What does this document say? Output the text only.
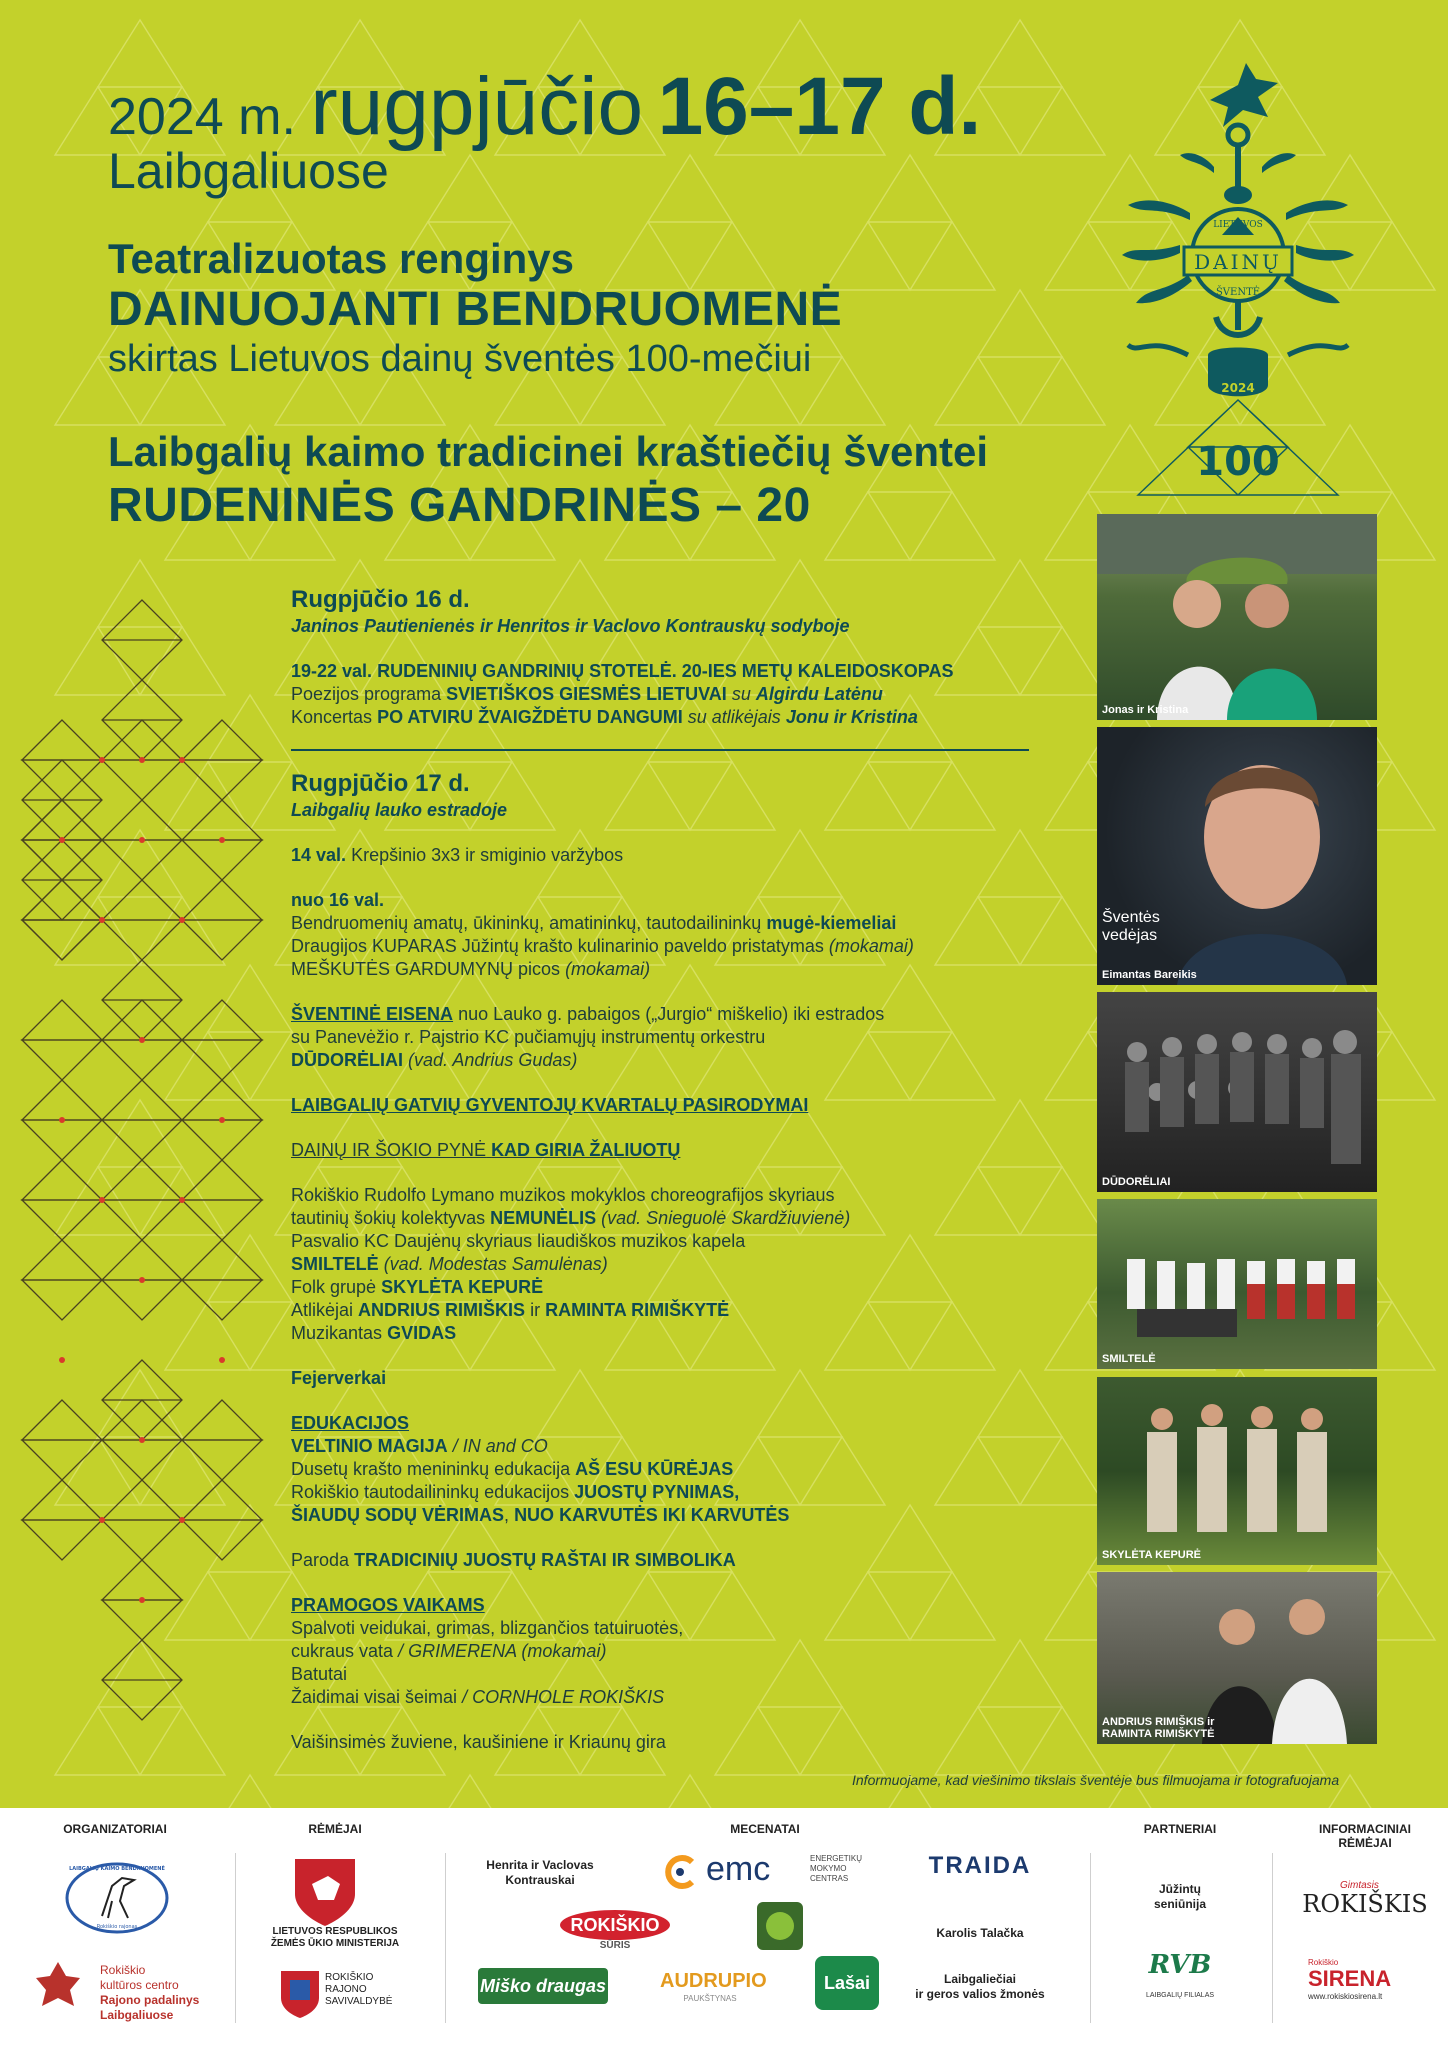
2024 m. rugpjūčio 16–17 d.
Laibgaliuose
Teatralizuotas renginys
DAINUOJANTI BENDRUOMENĖ
skirtas Lietuvos dainų šventės 100-mečiui
Laibgalių kaimo tradicinei kraštiečių šventei
RUDENINĖS GANDRINĖS – 20
LIETUVOS
DAINŲ
ŠVENTĖ
2024
100
Rugpjūčio 16 d.
Janinos Pautienienės ir Henritos ir Vaclovo Kontrauskų sodyboje
19-22 val. RUDENINIŲ GANDRINIŲ STOTELĖ. 20-IES METŲ KALEIDOSKOPAS
Poezijos programa SVIETIŠKOS GIESMĖS LIETUVAI su Algirdu Latėnu
Koncertas PO ATVIRU ŽVAIGŽDĖTU DANGUMI su atlikėjais Jonu ir Kristina
Rugpjūčio 17 d.
Laibgalių lauko estradoje
14 val. Krepšinio 3x3 ir smiginio varžybos
nuo 16 val.
Bendruomenių amatų, ūkininkų, amatininkų, tautodailininkų mugė-kiemeliai
Draugijos KUPARAS Jūžintų krašto kulinarinio paveldo pristatymas (mokamai)
MEŠKUTĖS GARDUMYNŲ picos (mokamai)
ŠVENTINĖ EISENA nuo Lauko g. pabaigos („Jurgio“ miškelio) iki estrados
su Panevėžio r. Pajstrio KC pučiamųjų instrumentų orkestru
DŪDORĖLIAI (vad. Andrius Gudas)
LAIBGALIŲ GATVIŲ GYVENTOJŲ KVARTALŲ PASIRODYMAI
DAINŲ IR ŠOKIO PYNĖ KAD GIRIA ŽALIUOTŲ
Rokiškio Rudolfo Lymano muzikos mokyklos choreografijos skyriaus
tautinių šokių kolektyvas NEMUNĖLIS (vad. Snieguolė Skardžiuvienė)
Pasvalio KC Daujėnų skyriaus liaudiškos muzikos kapela
SMILTELĖ (vad. Modestas Samulėnas)
Folk grupė SKYLĖTA KEPURĖ
Atlikėjai ANDRIUS RIMIŠKIS ir RAMINTA RIMIŠKYTĖ
Muzikantas GVIDAS
Fejerverkai
EDUKACIJOS
VELTINIO MAGIJA / IN and CO
Dusetų krašto menininkų edukacija AŠ ESU KŪRĖJAS
Rokiškio tautodailininkų edukacijos JUOSTŲ PYNIMAS,
ŠIAUDŲ SODŲ VĖRIMAS, NUO KARVUTĖS IKI KARVUTĖS
Paroda TRADICINIŲ JUOSTŲ RAŠTAI IR SIMBOLIKA
PRAMOGOS VAIKAMS
Spalvoti veidukai, grimas, blizgančios tatuiruotės,
cukraus vata / GRIMERENA (mokamai)
Batutai
Žaidimai visai šeimai / CORNHOLE ROKIŠKIS
Vaišinsimės žuviene, kaušiniene ir Kriaunų gira
Jonas ir Kristina
Šventės vedėjas
Eimantas Bareikis
DŪDORĖLIAI
SMILTELĖ
SKYLĖTA KEPURĖ
ANDRIUS RIMIŠKIS ir RAMINTA RIMIŠKYTĖ
Informuojame, kad viešinimo tikslais šventėje bus filmuojama ir fotografuojama
ORGANIZATORIAI	RĖMĖJAI	MECENATAI	PARTNERIAI	INFORMACINIAI
RĖMĖJAI
LAIBGALIŲ KAIMO BENDRUOMENĖ
Rokiškio rajonas
Rokiškio
kultūros centro
Rajono padalinys
Laibgaliuose
LIETUVOS RESPUBLIKOS
ŽEMĖS ŪKIO MINISTERIJA
ROKIŠKIO
RAJONO
SAVIVALDYBĖ
Henrita ir Vaclovas
Kontrauskai	emc	ENERGETIKŲ
MOKYMO
CENTRAS	TRAIDA
ROKIŠKIO
SŪRIS
Karolis Talačka
Miško draugas	AUDRUPIO
PAUKŠTYNAS
Lašai	Laibgaliečiai
ir geros valios žmonės
Jūžintų
seniūnija
RVB
LAIBGALIŲ FILIALAS
Gimtasis
ROKIŠKIS
Rokiškio
SIRENA
www.rokiskiosirena.lt
